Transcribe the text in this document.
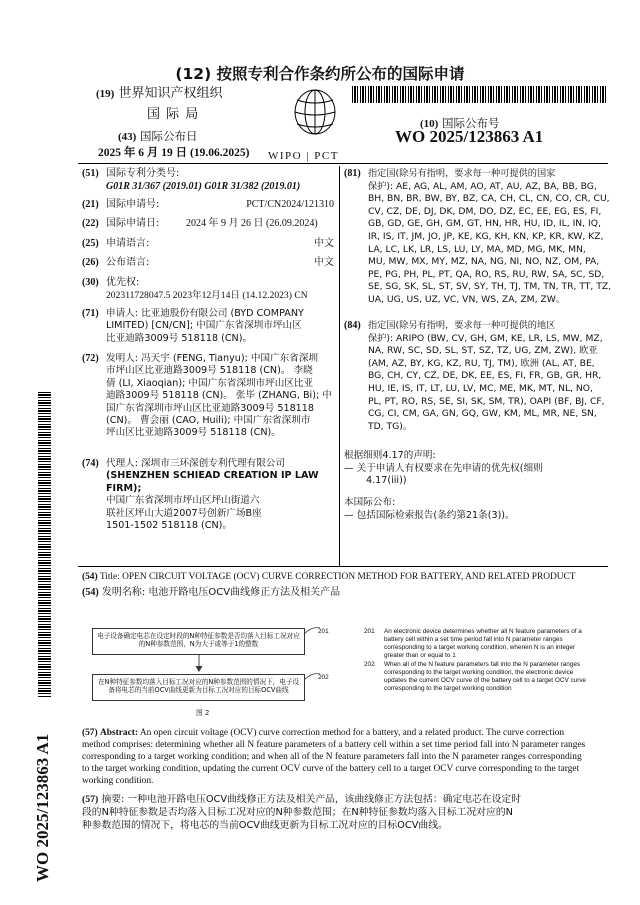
(12) 按照专利合作条约所公布的国际申请
(19) 世界知识产权组织
国 际 局
(43) 国际公布日
2025 年 6 月 19 日 (19.06.2025) WIPO | PCT
(10) 国际公布号
WO 2025/123863 A1
(51) 国际专利分类号:
G01R 31/367 (2019.01) G01R 31/382 (2019.01)
(21) 国际申请号:	PCT/CN2024/121310
(22) 国际申请日:	2024 年 9 月 26 日 (26.09.2024)
(25) 申请语言:	中文
(26) 公布语言:	中文
(30) 优先权:
202311728047.5 2023年12月14日 (14.12.2023) CN
(71) 申请人: 比亚迪股份有限公司 (BYD COMPANY
LIMITED) [CN/CN]; 中国广东省深圳市坪山区
比亚迪路3009号 518118 (CN)。
(72) 发明人: 冯天宇 (FENG, Tianyu); 中国广东省深圳
市坪山区比亚迪路3009号 518118 (CN)。 李晓
倩 (LI, Xiaoqian); 中国广东省深圳市坪山区比亚
迪路3009号 518118 (CN)。 张毕 (ZHANG, Bi); 中
国广东省深圳市坪山区比亚迪路3009号 518118
(CN)。 曹会丽 (CAO, Huili); 中国广东省深圳市
坪山区比亚迪路3009号 518118 (CN)。
(74) 代理人: 深圳市三环深创专利代理有限公司
(SHENZHEN SCHIEAD CREATION IP LAW FIRM);
中国广东省深圳市坪山区坪山街道六
联社区坪山大道2007号创新广场B座
1501-1502 518118 (CN)。
(81) 指定国(除另有指明，要求每一种可提供的国家
保护): AE, AG, AL, AM, AO, AT, AU, AZ, BA, BB, BG,
BH, BN, BR, BW, BY, BZ, CA, CH, CL, CN, CO, CR, CU,
CV, CZ, DE, DJ, DK, DM, DO, DZ, EC, EE, EG, ES, FI,
GB, GD, GE, GH, GM, GT, HN, HR, HU, ID, IL, IN, IQ,
IR, IS, IT, JM, JO, JP, KE, KG, KH, KN, KP, KR, KW, KZ,
LA, LC, LK, LR, LS, LU, LY, MA, MD, MG, MK, MN,
MU, MW, MX, MY, MZ, NA, NG, NI, NO, NZ, OM, PA,
PE, PG, PH, PL, PT, QA, RO, RS, RU, RW, SA, SC, SD,
SE, SG, SK, SL, ST, SV, SY, TH, TJ, TM, TN, TR, TT, TZ,
UA, UG, US, UZ, VC, VN, WS, ZA, ZM, ZW。
(84) 指定国(除另有指明，要求每一种可提供的地区
保护): ARIPO (BW, CV, GH, GM, KE, LR, LS, MW, MZ,
NA, RW, SC, SD, SL, ST, SZ, TZ, UG, ZM, ZW), 欧亚
(AM, AZ, BY, KG, KZ, RU, TJ, TM), 欧洲 (AL, AT, BE,
BG, CH, CY, CZ, DE, DK, EE, ES, FI, FR, GB, GR, HR,
HU, IE, IS, IT, LT, LU, LV, MC, ME, MK, MT, NL, NO,
PL, PT, RO, RS, SE, SI, SK, SM, TR), OAPI (BF, BJ, CF,
CG, CI, CM, GA, GN, GQ, GW, KM, ML, MR, NE, SN,
TD, TG)。
根据细则4.17的声明:
— 关于申请人有权要求在先申请的优先权(细则
4.17(iii))
本国际公布:
— 包括国际检索报告(条约第21条(3))。
(54) Title: OPEN CIRCUIT VOLTAGE (OCV) CURVE CORRECTION METHOD FOR BATTERY, AND RELATED PRODUCT
(54) 发明名称: 电池开路电压OCV曲线修正方法及相关产品
电子设备确定电芯在设定时段的N种特征参数是否均落入目标工况对应的N种参数范围，N为大于或等于1的整数
201
在N种特征参数均落入目标工况对应的N种参数范围的情况下，电子设备将电芯的当前OCV曲线更新为目标工况对应的目标OCV曲线
202
图 2
201 An electronic device determines whether all N feature parameters of a battery cell within a set time period fall into N parameter ranges corresponding to a target working condition, wherein N is an integer greater than or equal to 1
202 When all of the N feature parameters fall into the N parameter ranges corresponding to the target working condition, the electronic device updates the current OCV curve of the battery cell to a target OCV curve corresponding to the target working condition
(57) Abstract: An open circuit voltage (OCV) curve correction method for a battery, and a related product. The curve correction
method comprises: determining whether all N feature parameters of a battery cell within a set time period fall into N parameter ranges
corresponding to a target working condition; and when all of the N feature parameters fall into the N parameter ranges corresponding
to the target working condition, updating the current OCV curve of the battery cell to a target OCV curve corresponding to the target
working condition.
(57) 摘要: 一种电池开路电压OCV曲线修正方法及相关产品，该曲线修正方法包括：确定电芯在设定时
段的N种特征参数是否均落入目标工况对应的N种参数范围；在N种特征参数均落入目标工况对应的N
种参数范围的情况下，将电芯的当前OCV曲线更新为目标工况对应的目标OCV曲线。
WO 2025/123863 A1
